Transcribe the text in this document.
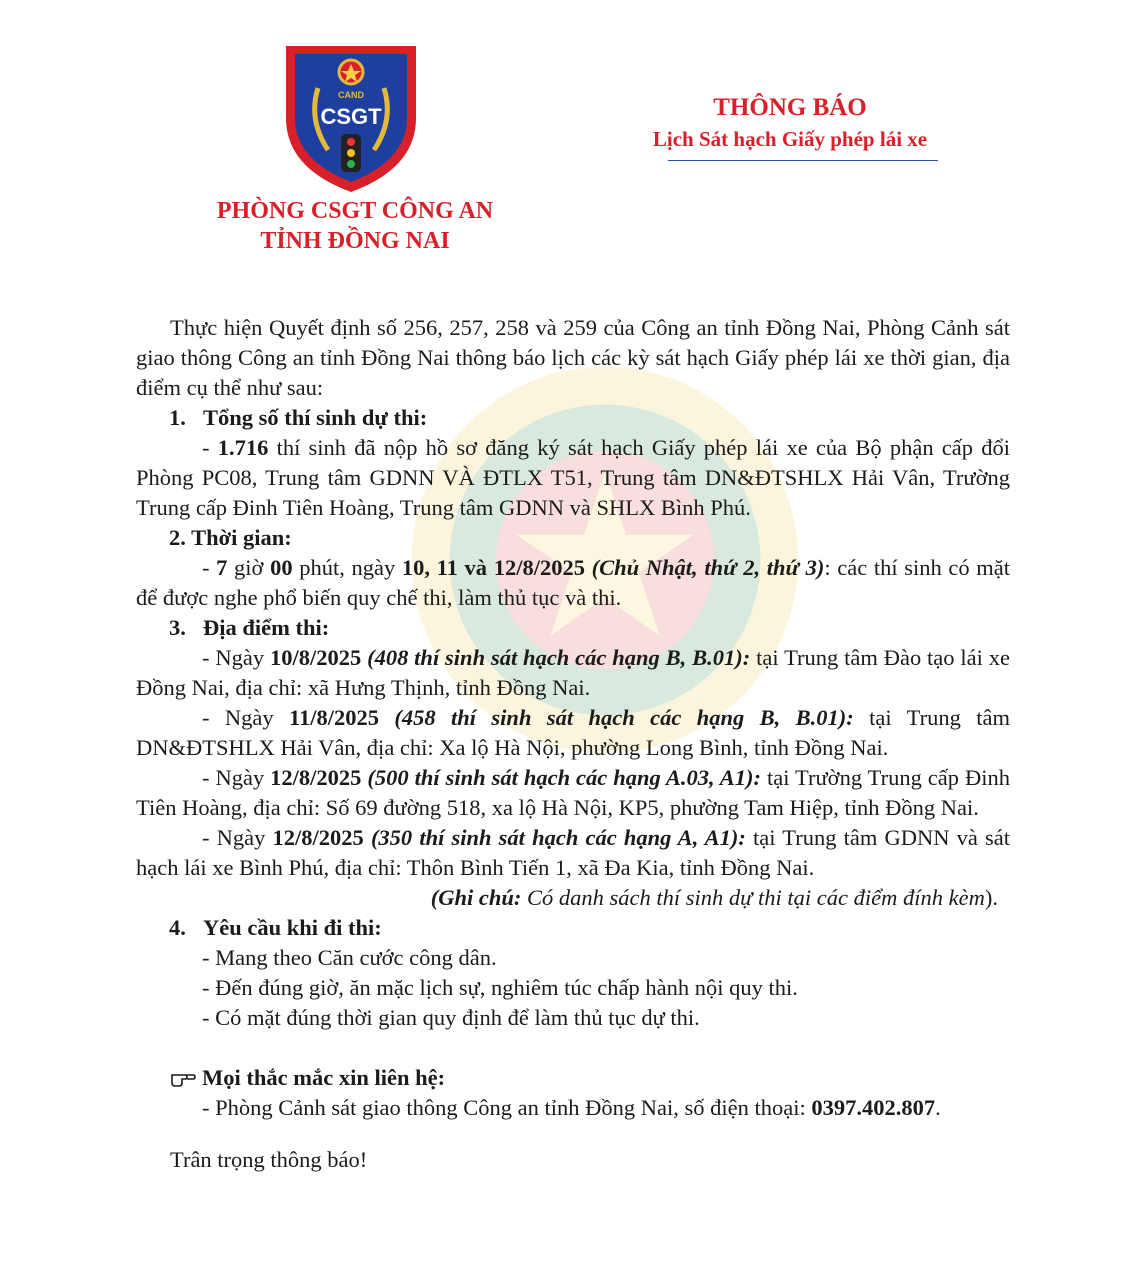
CAND
CSGT
PHÒNG CSGT CÔNG AN
TỈNH ĐỒNG NAI
THÔNG BÁO
Lịch Sát hạch Giấy phép lái xe

Thực hiện Quyết định số 256, 257, 258 và 259 của Công an tỉnh Đồng Nai, Phòng Cảnh sát giao thông Công an tỉnh Đồng Nai thông báo lịch các kỳ sát hạch Giấy phép lái xe thời gian, địa điểm cụ thể như sau:

1. Tổng số thí sinh dự thi:

- 1.716 thí sinh đã nộp hồ sơ đăng ký sát hạch Giấy phép lái xe của Bộ phận cấp đổi Phòng PC08, Trung tâm GDNN VÀ ĐTLX T51, Trung tâm DN&ĐTSHLX Hải Vân, Trường Trung cấp Đinh Tiên Hoàng, Trung tâm GDNN và SHLX Bình Phú.

2. Thời gian:

- 7 giờ 00 phút, ngày 10, 11 và 12/8/2025 (Chủ Nhật, thứ 2, thứ 3): các thí sinh có mặt để được nghe phổ biến quy chế thi, làm thủ tục và thi.

3. Địa điểm thi:

- Ngày 10/8/2025 (408 thí sinh sát hạch các hạng B, B.01): tại Trung tâm Đào tạo lái xe Đồng Nai, địa chỉ: xã Hưng Thịnh, tỉnh Đồng Nai.

- Ngày 11/8/2025 (458 thí sinh sát hạch các hạng B, B.01): tại Trung tâm DN&ĐTSHLX Hải Vân, địa chỉ: Xa lộ Hà Nội, phường Long Bình, tỉnh Đồng Nai.

- Ngày 12/8/2025 (500 thí sinh sát hạch các hạng A.03, A1): tại Trường Trung cấp Đinh Tiên Hoàng, địa chỉ: Số 69 đường 518, xa lộ Hà Nội, KP5, phường Tam Hiệp, tỉnh Đồng Nai.

- Ngày 12/8/2025 (350 thí sinh sát hạch các hạng A, A1): tại Trung tâm GDNN và sát hạch lái xe Bình Phú, địa chỉ: Thôn Bình Tiến 1, xã Đa Kia, tỉnh Đồng Nai.

(Ghi chú: Có danh sách thí sinh dự thi tại các điểm đính kèm).

4. Yêu cầu khi đi thi:

- Mang theo Căn cước công dân.

- Đến đúng giờ, ăn mặc lịch sự, nghiêm túc chấp hành nội quy thi.

- Có mặt đúng thời gian quy định để làm thủ tục dự thi.

Mọi thắc mắc xin liên hệ:

- Phòng Cảnh sát giao thông Công an tỉnh Đồng Nai, số điện thoại: 0397.402.807.

Trân trọng thông báo!
